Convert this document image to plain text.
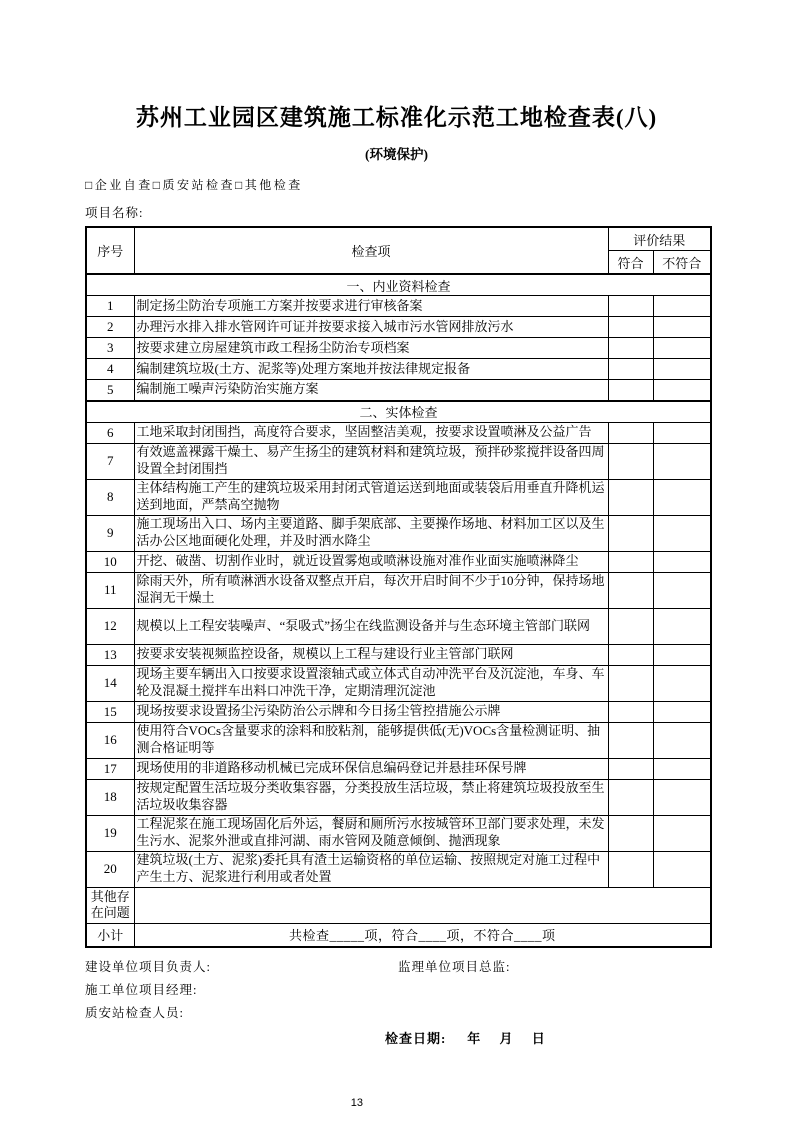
苏州工业园区建筑施工标准化示范工地检查表(八)
(环境保护)
□企业自查□质安站检查□其他检查
项目名称:
序号	检查项	评价结果	
		符合	不符合
一、内业资料检查			
1	制定扬尘防治专项施工方案并按要求进行审核备案		
2	办理污水排入排水管网许可证并按要求接入城市污水管网排放污水		
3	按要求建立房屋建筑市政工程扬尘防治专项档案		
4	编制建筑垃圾(土方、泥浆等)处理方案地并按法律规定报备		
5	编制施工噪声污染防治实施方案		
二、实体检查			
6	工地采取封闭围挡，高度符合要求，坚固整洁美观，按要求设置喷淋及公益广告		
7	有效遮盖裸露干燥土、易产生扬尘的建筑材料和建筑垃圾，预拌砂浆搅拌设备四周设置全封闭围挡		
8	主体结构施工产生的建筑垃圾采用封闭式管道运送到地面或装袋后用垂直升降机运送到地面，严禁高空抛物		
9	施工现场出入口、场内主要道路、脚手架底部、主要操作场地、材料加工区以及生活办公区地面硬化处理，并及时洒水降尘		
10	开挖、破凿、切割作业时，就近设置雾炮或喷淋设施对准作业面实施喷淋降尘		
11	除雨天外，所有喷淋洒水设备双整点开启，每次开启时间不少于10分钟，保持场地湿润无干燥土		
12	规模以上工程安装噪声、“泵吸式”扬尘在线监测设备并与生态环境主管部门联网		
13	按要求安装视频监控设备，规模以上工程与建设行业主管部门联网		
14	现场主要车辆出入口按要求设置滚轴式或立体式自动冲洗平台及沉淀池，车身、车轮及混凝土搅拌车出料口冲洗干净，定期清理沉淀池		
15	现场按要求设置扬尘污染防治公示牌和今日扬尘管控措施公示牌		
16	使用符合VOCs含量要求的涂料和胶粘剂，能够提供低(无)VOCs含量检测证明、抽测合格证明等		
17	现场使用的非道路移动机械已完成环保信息编码登记并悬挂环保号牌		
18	按规定配置生活垃圾分类收集容器，分类投放生活垃圾，禁止将建筑垃圾投放至生活垃圾收集容器		
19	工程泥浆在施工现场固化后外运，餐厨和厕所污水按城管环卫部门要求处理，未发生污水、泥浆外泄或直排河湖、雨水管网及随意倾倒、抛洒现象		
20	建筑垃圾(土方、泥浆)委托具有渣土运输资格的单位运输、按照规定对施工过程中产生土方、泥浆进行利用或者处置		
其他存在问题			
小计	共检查_____项，符合____项，不符合____项		
建设单位项目负责人:	监理单位项目总监:
施工单位项目经理:
质安站检查人员:
检查日期: 年 月 日
13
